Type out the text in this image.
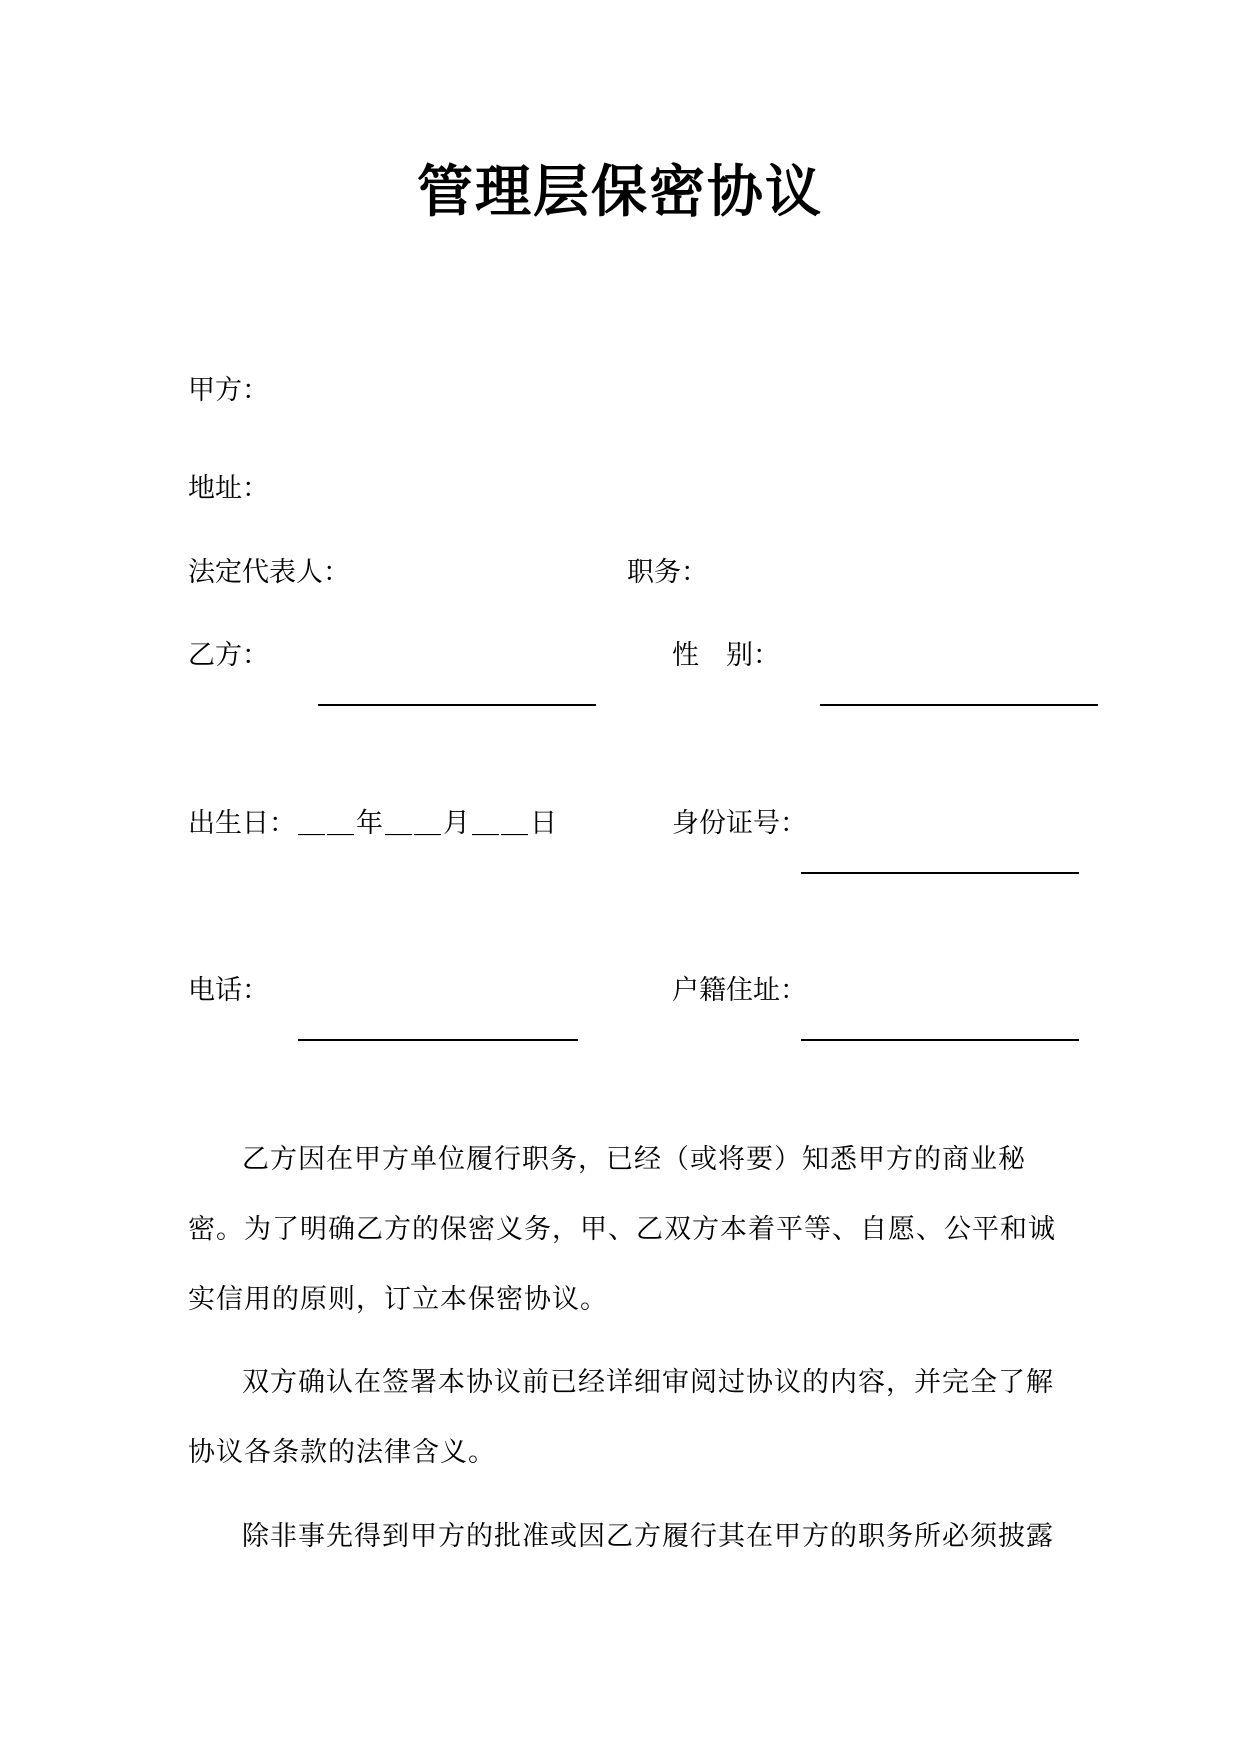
管理层保密协议
甲方：
地址：
法定代表人：	职务：
乙方：	性　别：
出生日： ＿＿年＿＿月＿＿日	身份证号：
电话：	户籍住址：

乙方因在甲方单位履行职务，已经（或将要）知悉甲方的商业秘密。为了明确乙方的保密义务，甲、乙双方本着平等、自愿、公平和诚实信用的原则，订立本保密协议。

双方确认在签署本协议前已经详细审阅过协议的内容，并完全了解协议各条款的法律含义。

除非事先得到甲方的批准或因乙方履行其在甲方的职务所必须披露
